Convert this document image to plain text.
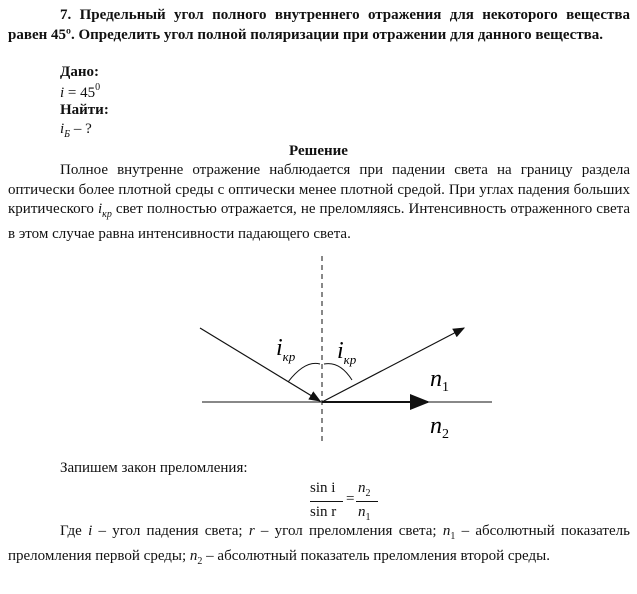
7. Предельный угол полного внутреннего отражения для некоторого вещества равен 45º. Определить угол полной поляризации при отражении для данного вещества.
Дано:
$i = 45^0$
Найти:
$i_Б$ – ?
Решение
Полное внутренне отражение наблюдается при падении света на границу раздела оптически более плотной среды с оптически менее плотной средой. При углах падения больших критического $i_{кр}$ свет полностью отражается, не преломляясь. Интенсивность отраженного света в этом случае равна интенсивности падающего света.
$i_{кр}$ $i_{кр}$
$n_1$
$n_2$
Запишем закон преломления:
sin i
sin r
=
$n_2$
$n_1$
Где i – угол падения света; r – угол преломления света; $n_1$ – абсолютный показатель преломления первой среды; $n_2$ – абсолютный показатель преломления второй среды.
